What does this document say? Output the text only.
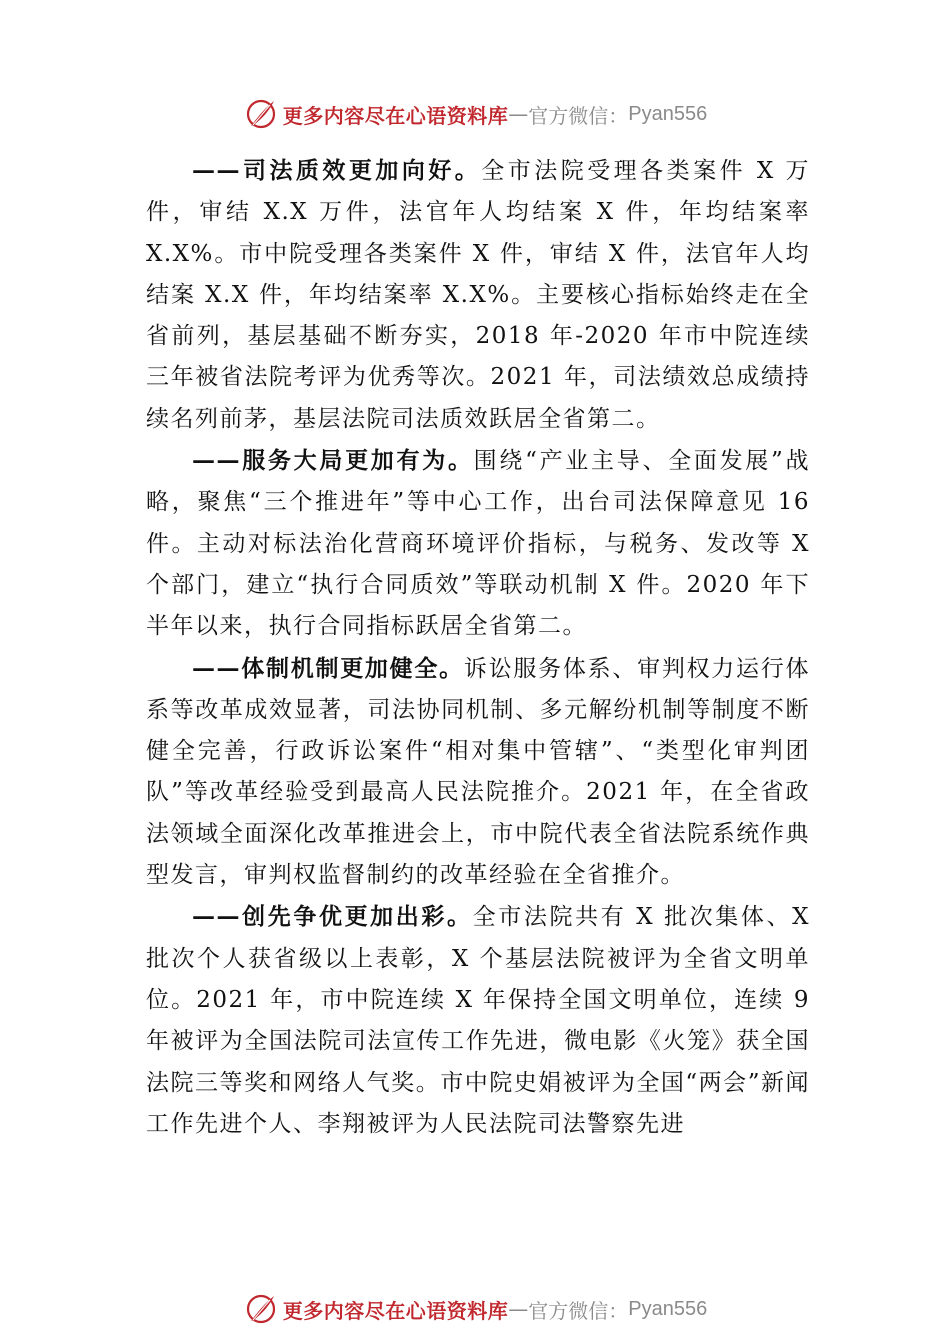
更多内容尽在心语资料库 — 官方微信： Pyan556

——司法质效更加向好。全市法院受理各类案件 X 万件，审结 X.X 万件，法官年人均结案 X 件，年均结案率 X.X%。市中院受理各类案件 X 件，审结 X 件，法官年人均结案 X.X 件，年均结案率 X.X%。主要核心指标始终走在全省前列，基层基础不断夯实，2018 年-2020 年市中院连续三年被省法院考评为优秀等次。2021 年，司法绩效总成绩持续名列前茅，基层法院司法质效跃居全省第二。

——服务大局更加有为。围绕“产业主导、全面发展”战略，聚焦“三个推进年”等中心工作，出台司法保障意见 16 件。主动对标法治化营商环境评价指标，与税务、发改等 X 个部门，建立“执行合同质效”等联动机制 X 件。2020 年下半年以来，执行合同指标跃居全省第二。

——体制机制更加健全。诉讼服务体系、审判权力运行体系等改革成效显著，司法协同机制、多元解纷机制等制度不断健全完善，行政诉讼案件“相对集中管辖”、“类型化审判团队”等改革经验受到最高人民法院推介。2021 年，在全省政法领域全面深化改革推进会上，市中院代表全省法院系统作典型发言，审判权监督制约的改革经验在全省推介。

——创先争优更加出彩。全市法院共有 X 批次集体、X 批次个人获省级以上表彰，X 个基层法院被评为全省文明单位。2021 年，市中院连续 X 年保持全国文明单位，连续 9 年被评为全国法院司法宣传工作先进，微电影《火笼》获全国法院三等奖和网络人气奖。市中院史娟被评为全国“两会”新闻工作先进个人、李翔被评为人民法院司法警察先进

更多内容尽在心语资料库 — 官方微信： Pyan556
